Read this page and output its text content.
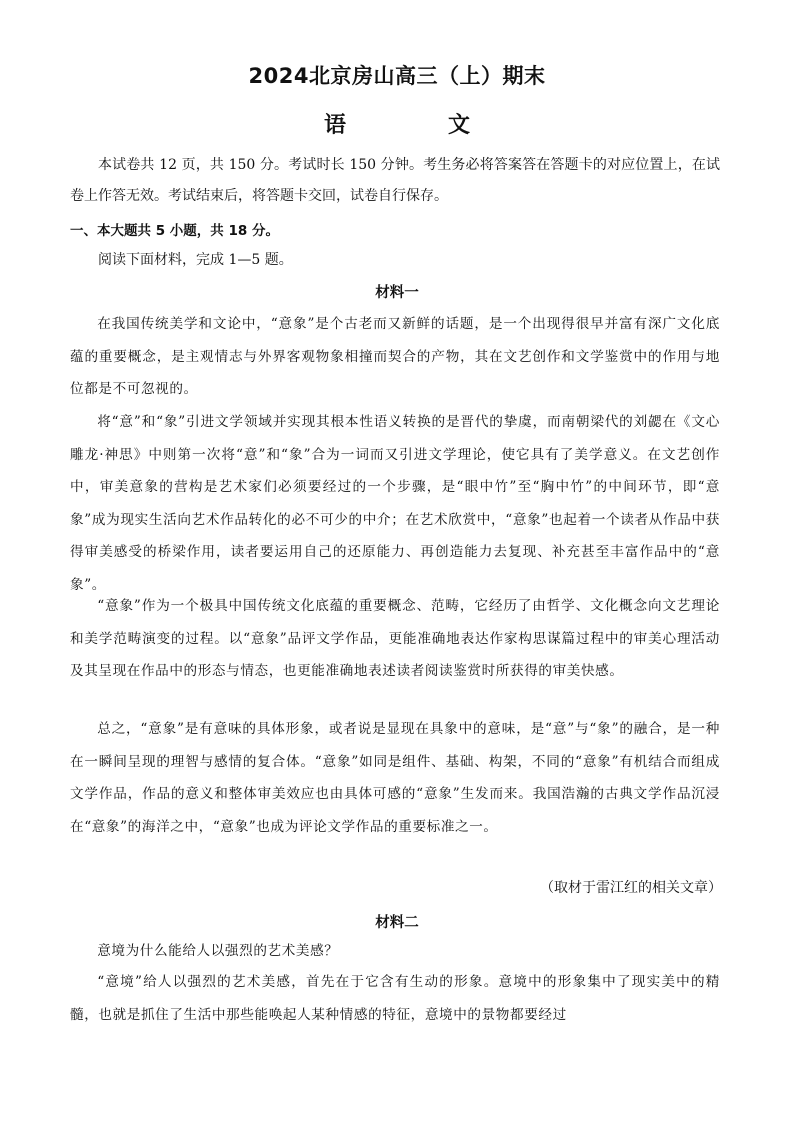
2024北京房山高三（上）期末
语　文

本试卷共 12 页，共 150 分。考试时长 150 分钟。考生务必将答案答在答题卡的对应位置上，在试卷上作答无效。考试结束后，将答题卡交回，试卷自行保存。

一、本大题共 5 小题，共 18 分。

阅读下面材料，完成 1—5 题。

材料一

在我国传统美学和文论中，“意象”是个古老而又新鲜的话题，是一个出现得很早并富有深广文化底蕴的重要概念，是主观情志与外界客观物象相撞而契合的产物，其在文艺创作和文学鉴赏中的作用与地位都是不可忽视的。

将“意”和“象”引进文学领域并实现其根本性语义转换的是晋代的挚虞，而南朝梁代的刘勰在《文心雕龙·神思》中则第一次将“意”和“象”合为一词而又引进文学理论，使它具有了美学意义。在文艺创作中，审美意象的营构是艺术家们必须要经过的一个步骤，是“眼中竹”至“胸中竹”的中间环节，即“意象”成为现实生活向艺术作品转化的必不可少的中介；在艺术欣赏中，“意象”也起着一个读者从作品中获得审美感受的桥梁作用，读者要运用自己的还原能力、再创造能力去复现、补充甚至丰富作品中的“意象”。

“意象”作为一个极具中国传统文化底蕴的重要概念、范畴，它经历了由哲学、文化概念向文艺理论和美学范畴演变的过程。以“意象”品评文学作品，更能准确地表达作家构思谋篇过程中的审美心理活动及其呈现在作品中的形态与情态，也更能准确地表述读者阅读鉴赏时所获得的审美快感。

总之，“意象”是有意味的具体形象，或者说是显现在具象中的意味，是“意”与“象”的融合，是一种在一瞬间呈现的理智与感情的复合体。“意象”如同是组件、基础、构架，不同的“意象”有机结合而组成文学作品，作品的意义和整体审美效应也由具体可感的“意象”生发而来。我国浩瀚的古典文学作品沉浸在“意象”的海洋之中，“意象”也成为评论文学作品的重要标准之一。

（取材于雷江红的相关文章）
材料二

意境为什么能给人以强烈的艺术美感？

“意境”给人以强烈的艺术美感，首先在于它含有生动的形象。意境中的形象集中了现实美中的精髓，也就是抓住了生活中那些能唤起人某种情感的特征，意境中的景物都要经过
